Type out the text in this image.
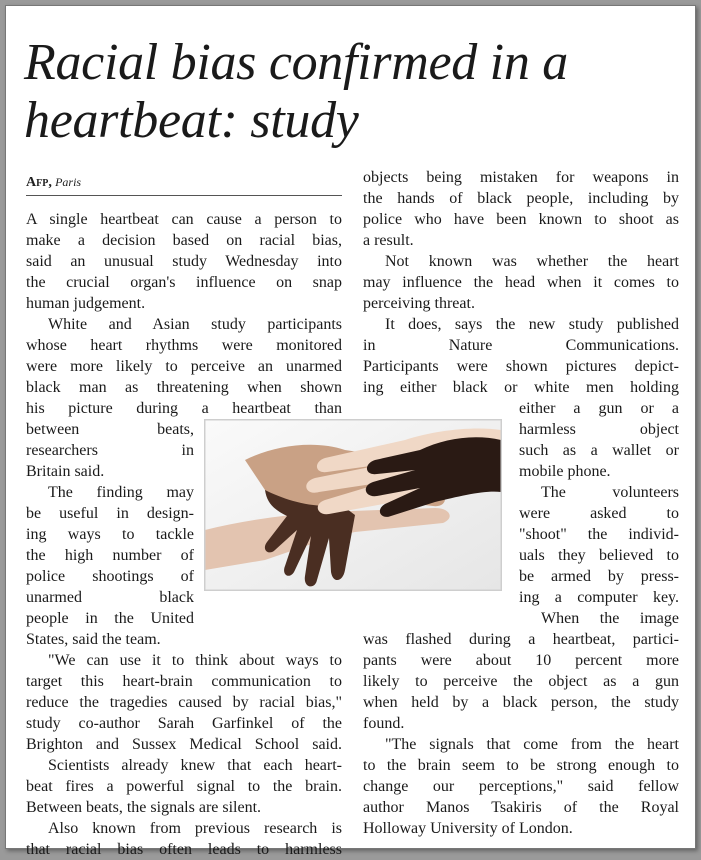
Racial bias confirmed in a heartbeat: study
Afp, Paris
A single heartbeat can cause a person to
make a decision based on racial bias,
said an unusual study Wednesday into
the crucial organ's influence on snap
human judgement.
White and Asian study participants
whose heart rhythms were monitored
were more likely to perceive an unarmed
black man as threatening when shown
his picture during a heartbeat than
between beats,
researchers in
Britain said.
The finding may
be useful in design-
ing ways to tackle
the high number of
police shootings of
unarmed black
people in the United
States, said the team.
"We can use it to think about ways to
target this heart-brain communication to
reduce the tragedies caused by racial bias,"
study co-author Sarah Garfinkel of the
Brighton and Sussex Medical School said.
Scientists already knew that each heart-
beat fires a powerful signal to the brain.
Between beats, the signals are silent.
Also known from previous research is
that racial bias often leads to harmless
objects being mistaken for weapons in
the hands of black people, including by
police who have been known to shoot as
a result.
Not known was whether the heart
may influence the head when it comes to
perceiving threat.
It does, says the new study published
in Nature Communications.
Participants were shown pictures depict-
ing either black or white men holding
either a gun or a
harmless object
such as a wallet or
mobile phone.
The volunteers
were asked to
"shoot" the individ-
uals they believed to
be armed by press-
ing a computer key.
When the image
was flashed during a heartbeat, partici-
pants were about 10 percent more
likely to perceive the object as a gun
when held by a black person, the study
found.
"The signals that come from the heart
to the brain seem to be strong enough to
change our perceptions," said fellow
author Manos Tsakiris of the Royal
Holloway University of London.
